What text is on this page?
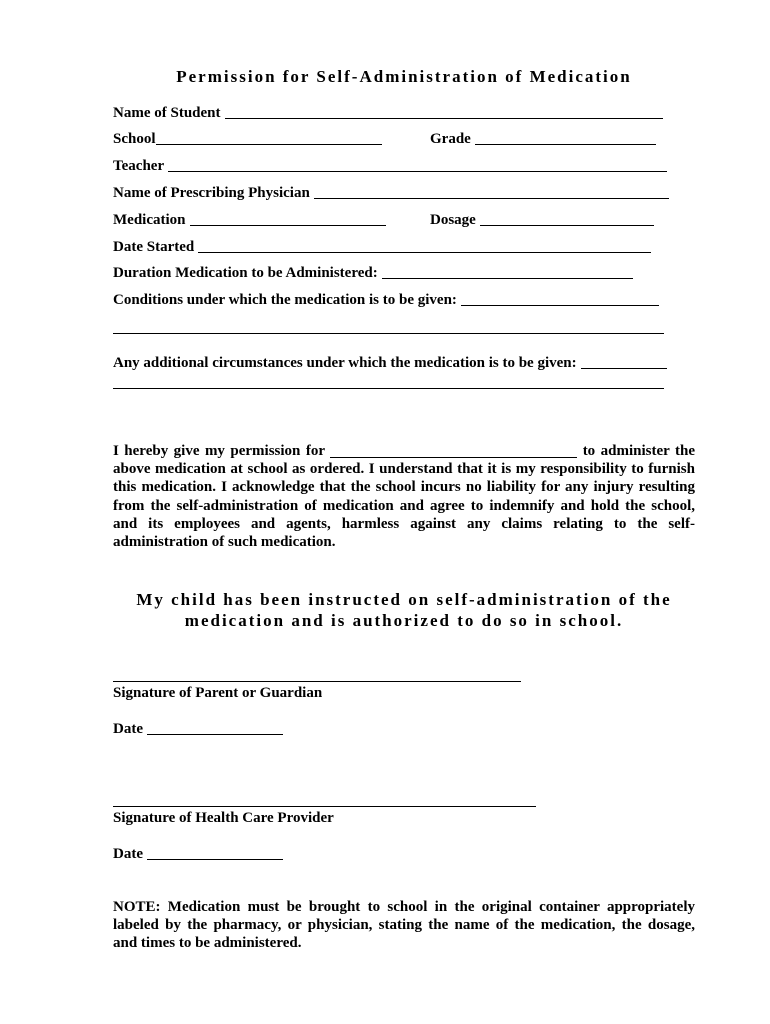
Permission for Self-Administration of Medication
Name of Student
School	Grade
Teacher
Name of Prescribing Physician
Medication	Dosage
Date Started
Duration Medication to be Administered:
Conditions under which the medication is to be given:
Any additional circumstances under which the medication is to be given:
I hereby give my permission for	to administer the
above medication at school as ordered. I understand that it is my responsibility to furnish
this medication. I acknowledge that the school incurs no liability for any injury resulting
from the self-administration of medication and agree to indemnify and hold the school,
and its employees and agents, harmless against any claims relating to the self-
administration of such medication.
My child has been instructed on self-administration of the
medication and is authorized to do so in school.
Signature of Parent or Guardian
Date
Signature of Health Care Provider
Date
NOTE: Medication must be brought to school in the original container appropriately
labeled by the pharmacy, or physician, stating the name of the medication, the dosage,
and times to be administered.
